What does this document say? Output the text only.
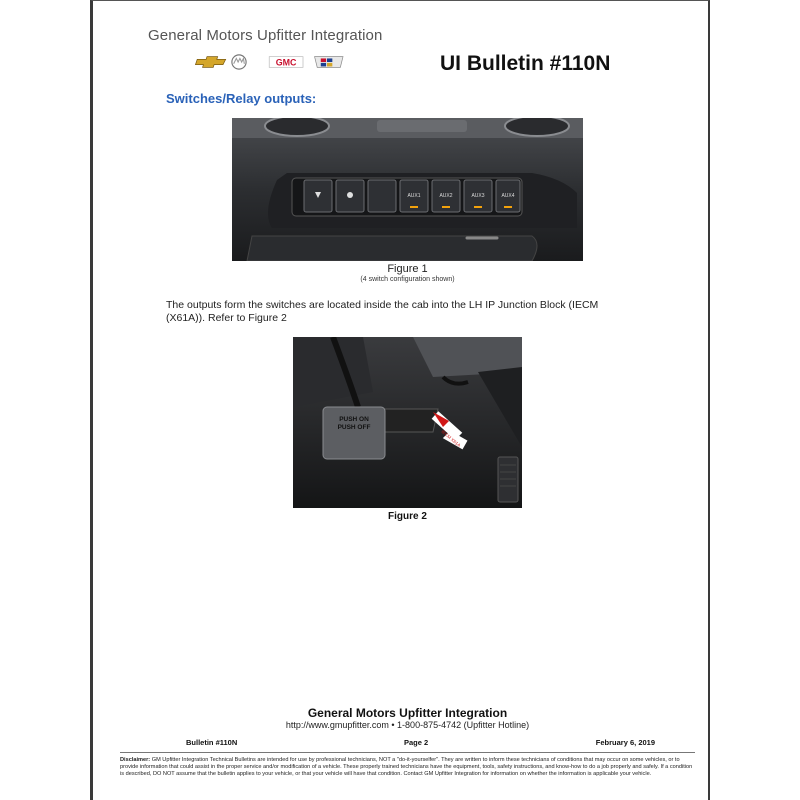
General Motors Upfitter Integration
GMC	UI Bulletin #110N
Switches/Relay outputs:
AUX1	AUX2	AUX3	AUX4
Figure 1
(4 switch configuration shown)
The outputs form the switches are located inside the cab into the LH IP Junction Block (IECM (X61A)). Refer to Figure 2
PUSH ON
PUSH OFF
IECM X61A
Figure 2
General Motors Upfitter Integration
http://www.gmupfitter.com • 1-800-875-4742 (Upfitter Hotline)
Bulletin #110N	Page 2	February 6, 2019
Disclaimer: GM Upfitter Integration Technical Bulletins are intended for use by professional technicians, NOT a "do-it-yourselfer". They are written to inform these technicians of conditions that may occur on some vehicles, or to provide information that could assist in the proper service and/or modification of a vehicle. These properly trained technicians have the equipment, tools, safety instructions, and know-how to do a job properly and safely. If a condition is described, DO NOT assume that the bulletin applies to your vehicle, or that your vehicle will have that condition. Contact GM Upfitter Integration for information on whether the information is applicable your vehicle.
